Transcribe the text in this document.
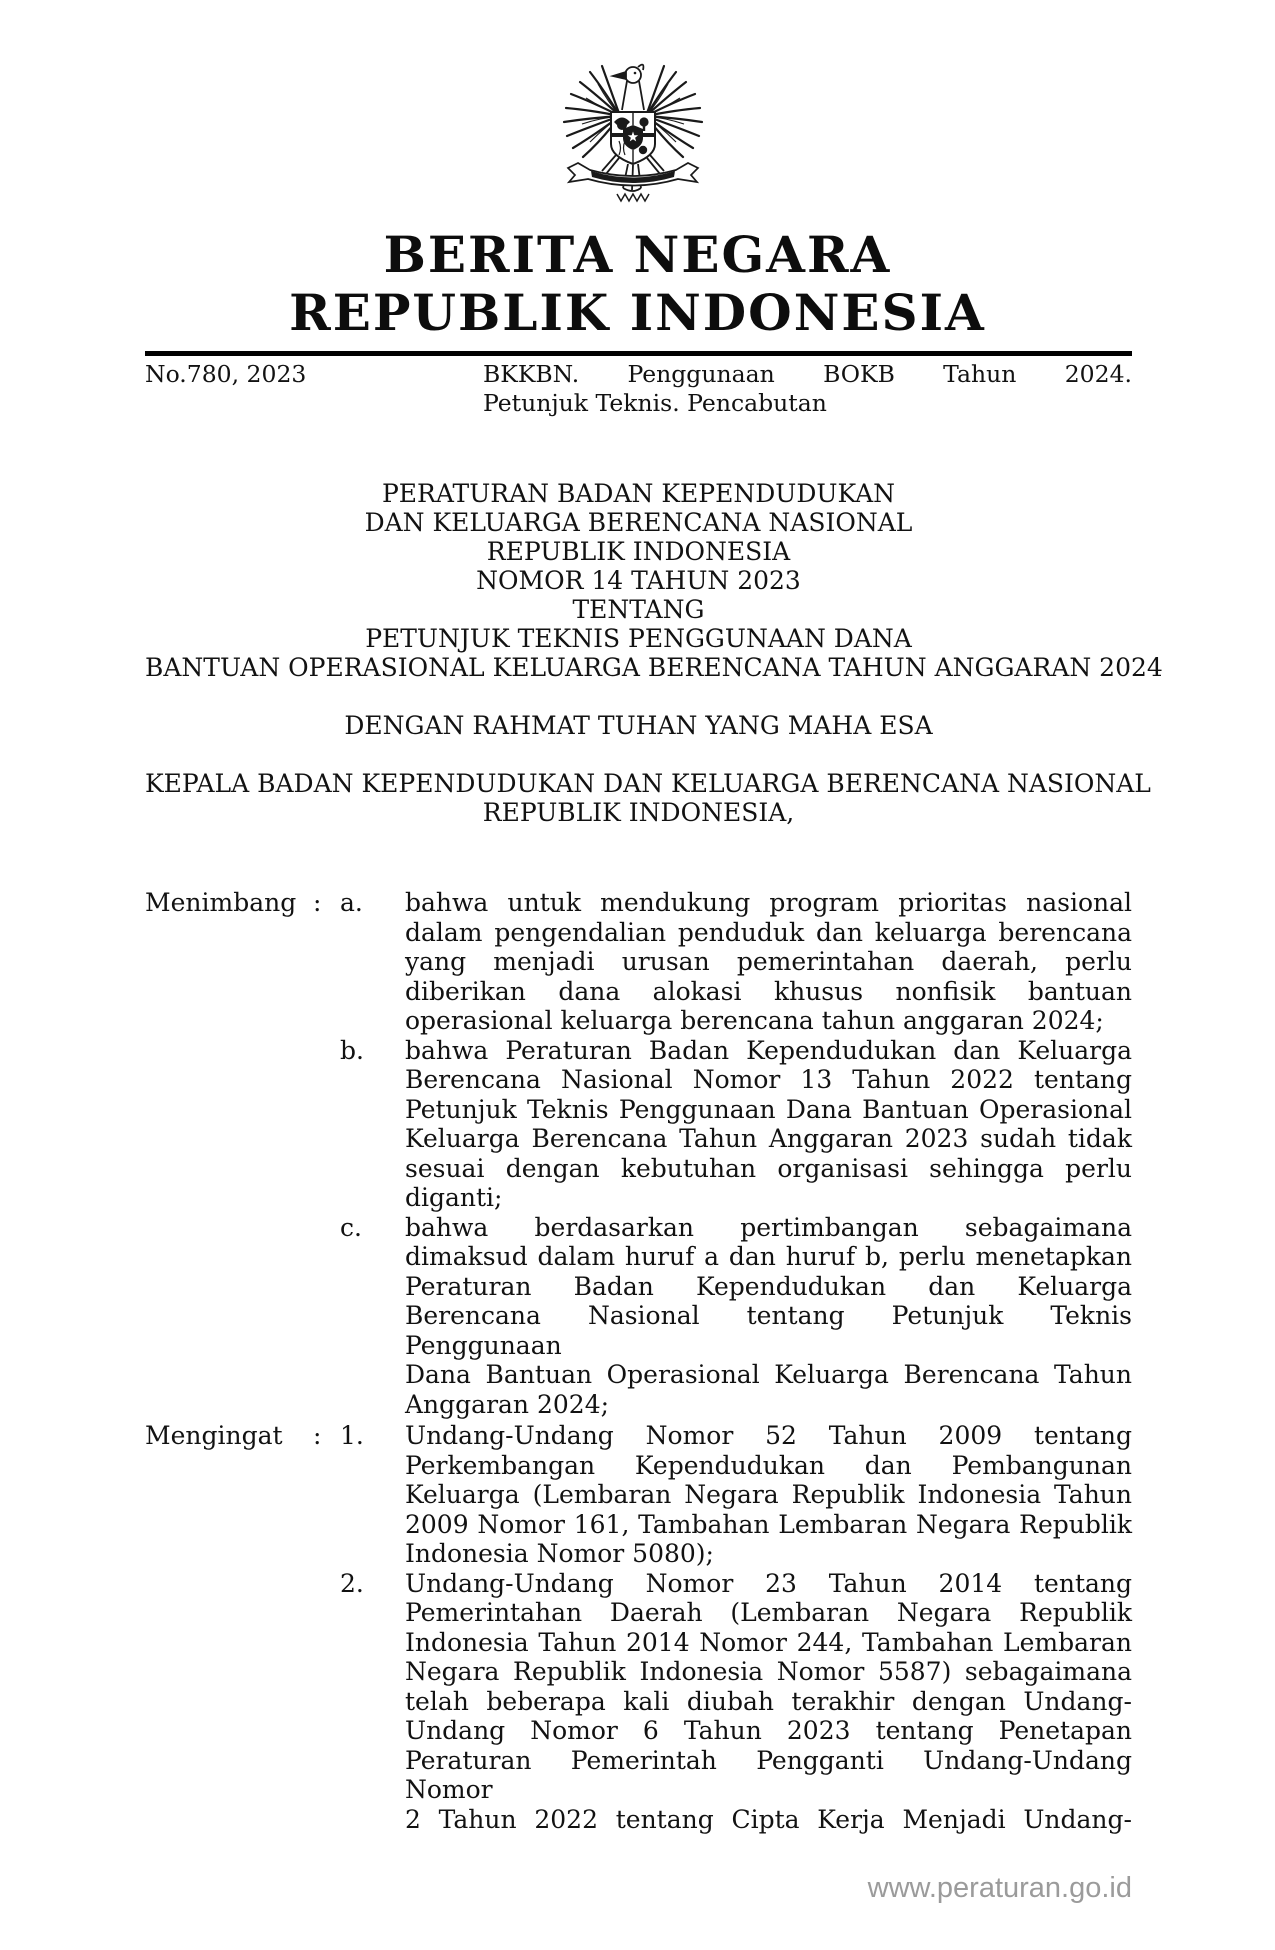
BERITA NEGARA
REPUBLIK INDONESIA
No.780, 2023	BKKBN. Penggunaan BOKB Tahun 2024.
Petunjuk Teknis. Pencabutan
PERATURAN BADAN KEPENDUDUKAN
DAN KELUARGA BERENCANA NASIONAL
REPUBLIK INDONESIA
NOMOR 14 TAHUN 2023
TENTANG
PETUNJUK TEKNIS PENGGUNAAN DANA
BANTUAN OPERASIONAL KELUARGA BERENCANA TAHUN ANGGARAN 2024
DENGAN RAHMAT TUHAN YANG MAHA ESA
KEPALA BADAN KEPENDUDUKAN DAN KELUARGA BERENCANA NASIONAL
REPUBLIK INDONESIA,
Menimbang : a.	bahwa untuk mendukung program prioritas nasional
dalam pengendalian penduduk dan keluarga berencana
yang menjadi urusan pemerintahan daerah, perlu
diberikan dana alokasi khusus nonfisik bantuan
operasional keluarga berencana tahun anggaran 2024;
b.	bahwa Peraturan Badan Kependudukan dan Keluarga
Berencana Nasional Nomor 13 Tahun 2022 tentang
Petunjuk Teknis Penggunaan Dana Bantuan Operasional
Keluarga Berencana Tahun Anggaran 2023 sudah tidak
sesuai dengan kebutuhan organisasi sehingga perlu
diganti;
c.	bahwa berdasarkan pertimbangan sebagaimana
dimaksud dalam huruf a dan huruf b, perlu menetapkan
Peraturan Badan Kependudukan dan Keluarga
Berencana Nasional tentang Petunjuk Teknis Penggunaan
Dana Bantuan Operasional Keluarga Berencana Tahun
Anggaran 2024;
Mengingat	: 1.	Undang-Undang Nomor 52 Tahun 2009 tentang
Perkembangan Kependudukan dan Pembangunan
Keluarga (Lembaran Negara Republik Indonesia Tahun
2009 Nomor 161, Tambahan Lembaran Negara Republik
Indonesia Nomor 5080);
2.	Undang-Undang Nomor 23 Tahun 2014 tentang
Pemerintahan Daerah (Lembaran Negara Republik
Indonesia Tahun 2014 Nomor 244, Tambahan Lembaran
Negara Republik Indonesia Nomor 5587) sebagaimana
telah beberapa kali diubah terakhir dengan Undang-
Undang Nomor 6 Tahun 2023 tentang Penetapan
Peraturan Pemerintah Pengganti Undang-Undang Nomor
2 Tahun 2022 tentang Cipta Kerja Menjadi Undang-
www.peraturan.go.id
